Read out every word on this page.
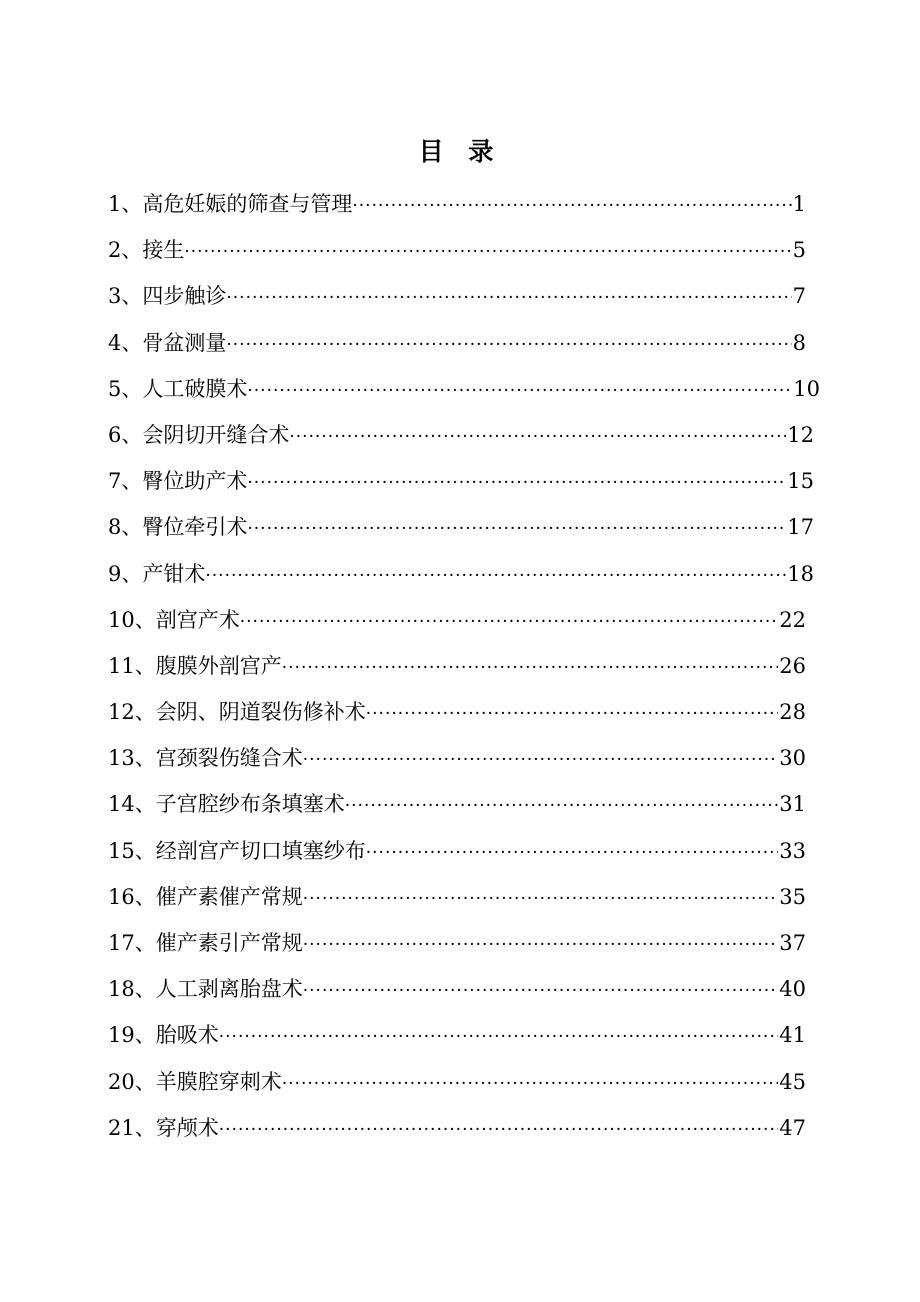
目 录
1、高危妊娠的筛查与管理 ·····	1
2、接生 ·····	5
3、四步触诊 ·····	7
4、骨盆测量 ·····	8
5、人工破膜术 ·····	10
6、会阴切开缝合术 ·····	12
7、臀位助产术 ·····	15
8、臀位牵引术 ·····	17
9、产钳术 ·····	18
10、剖宫产术 ·····	22
11、腹膜外剖宫产 ·····	26
12、会阴、阴道裂伤修补术 ·····	28
13、宫颈裂伤缝合术 ·····	30
14、子宫腔纱布条填塞术 ·····	31
15、经剖宫产切口填塞纱布 ·····	33
16、催产素催产常规 ·····	35
17、催产素引产常规 ·····	37
18、人工剥离胎盘术 ·····	40
19、胎吸术 ·····	41
20、羊膜腔穿刺术 ·····	45
21、穿颅术 ·····	47
